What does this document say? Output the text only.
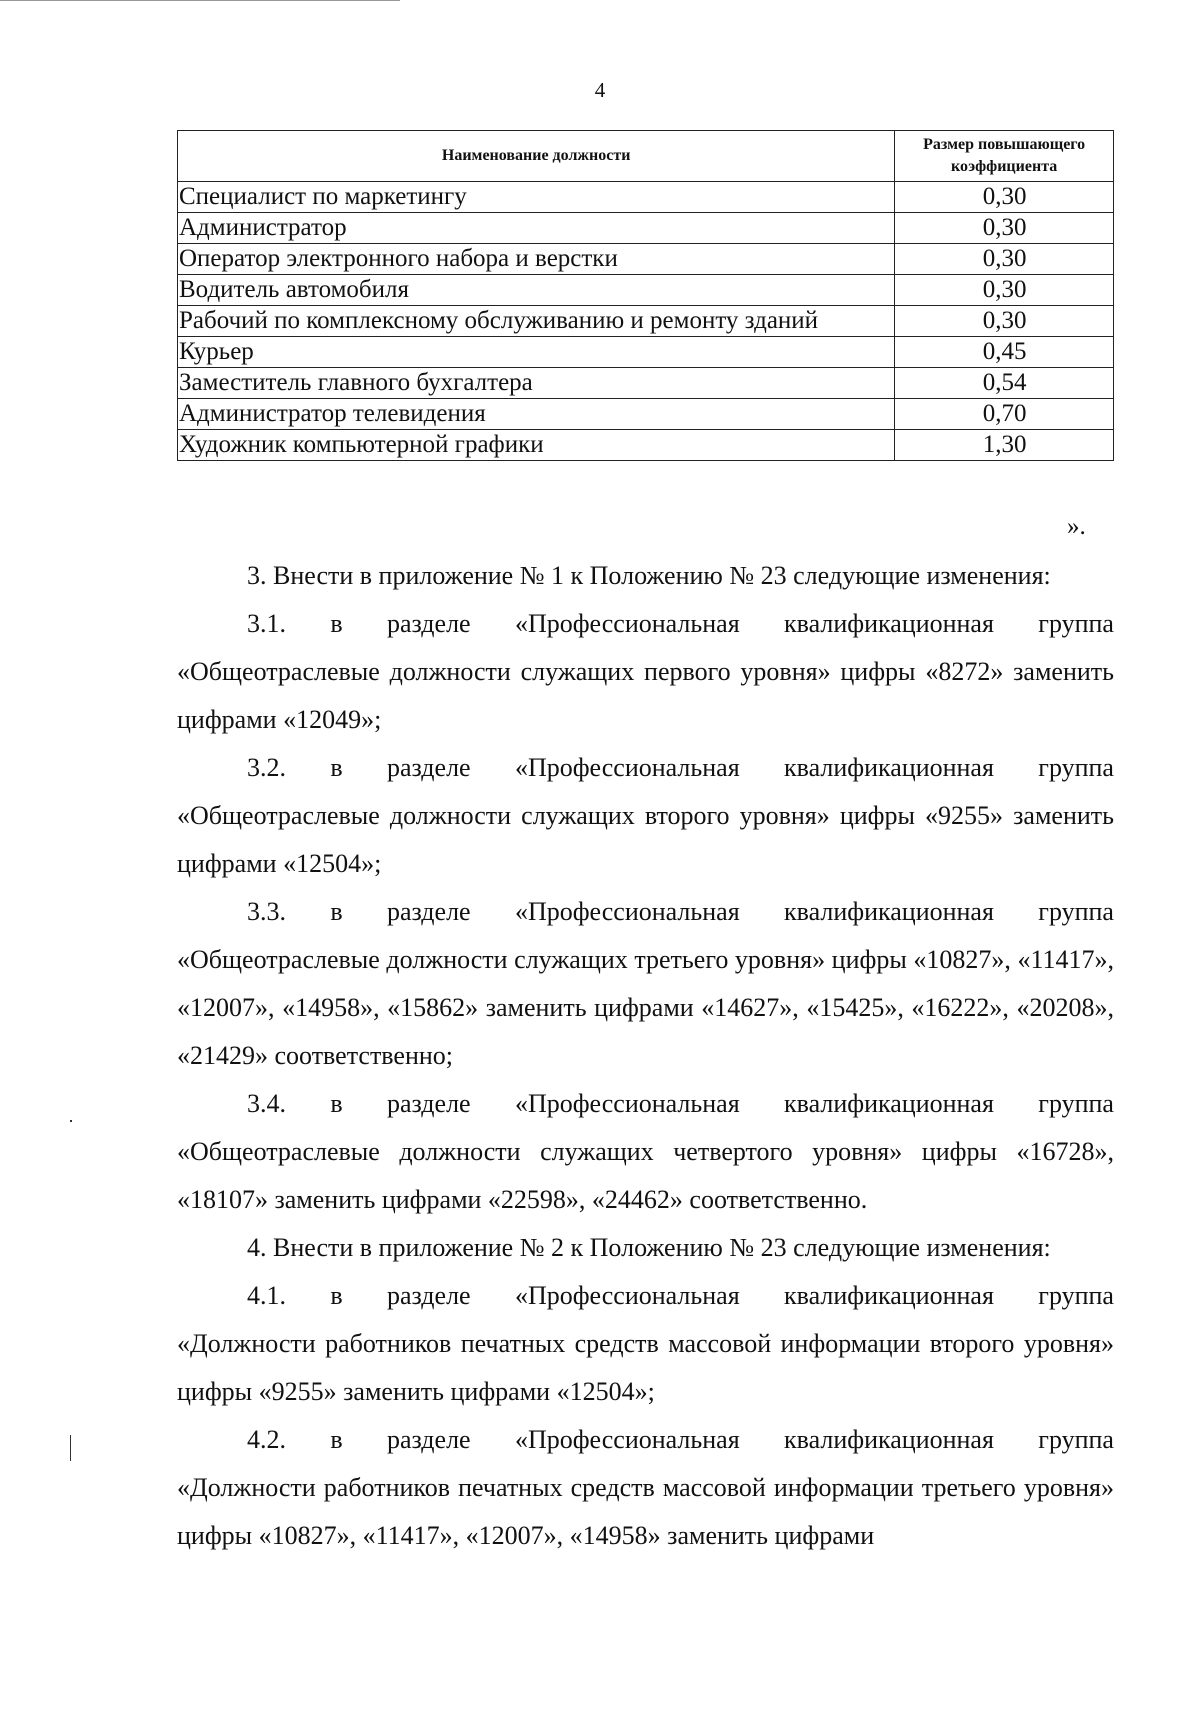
4
Наименование должности	Размер повышающего коэффициента
Специалист по маркетингу	0,30
Администратор	0,30
Оператор электронного набора и верстки	0,30
Водитель автомобиля	0,30
Рабочий по комплексному обслуживанию и ремонту зданий	0,30
Курьер	0,45
Заместитель главного бухгалтера	0,54
Администратор телевидения	0,70
Художник компьютерной графики	1,30
».

3. Внести в приложение № 1 к Положению № 23 следующие изменения:

3.1. в разделе «Профессиональная квалификационная группа

«Общеотраслевые должности служащих первого уровня» цифры «8272» заменить цифрами «12049»;

3.2. в разделе «Профессиональная квалификационная группа

«Общеотраслевые должности служащих второго уровня» цифры «9255» заменить цифрами «12504»;

3.3. в разделе «Профессиональная квалификационная группа

«Общеотраслевые должности служащих третьего уровня» цифры «10827», «11417», «12007», «14958», «15862» заменить цифрами «14627», «15425», «16222», «20208», «21429» соответственно;

3.4. в разделе «Профессиональная квалификационная группа

«Общеотраслевые должности служащих четвертого уровня» цифры «16728», «18107» заменить цифрами «22598», «24462» соответственно.

4. Внести в приложение № 2 к Положению № 23 следующие изменения:

4.1. в разделе «Профессиональная квалификационная группа

«Должности работников печатных средств массовой информации второго уровня» цифры «9255» заменить цифрами «12504»;

4.2. в разделе «Профессиональная квалификационная группа

«Должности работников печатных средств массовой информации третьего уровня» цифры «10827», «11417», «12007», «14958» заменить цифрами
